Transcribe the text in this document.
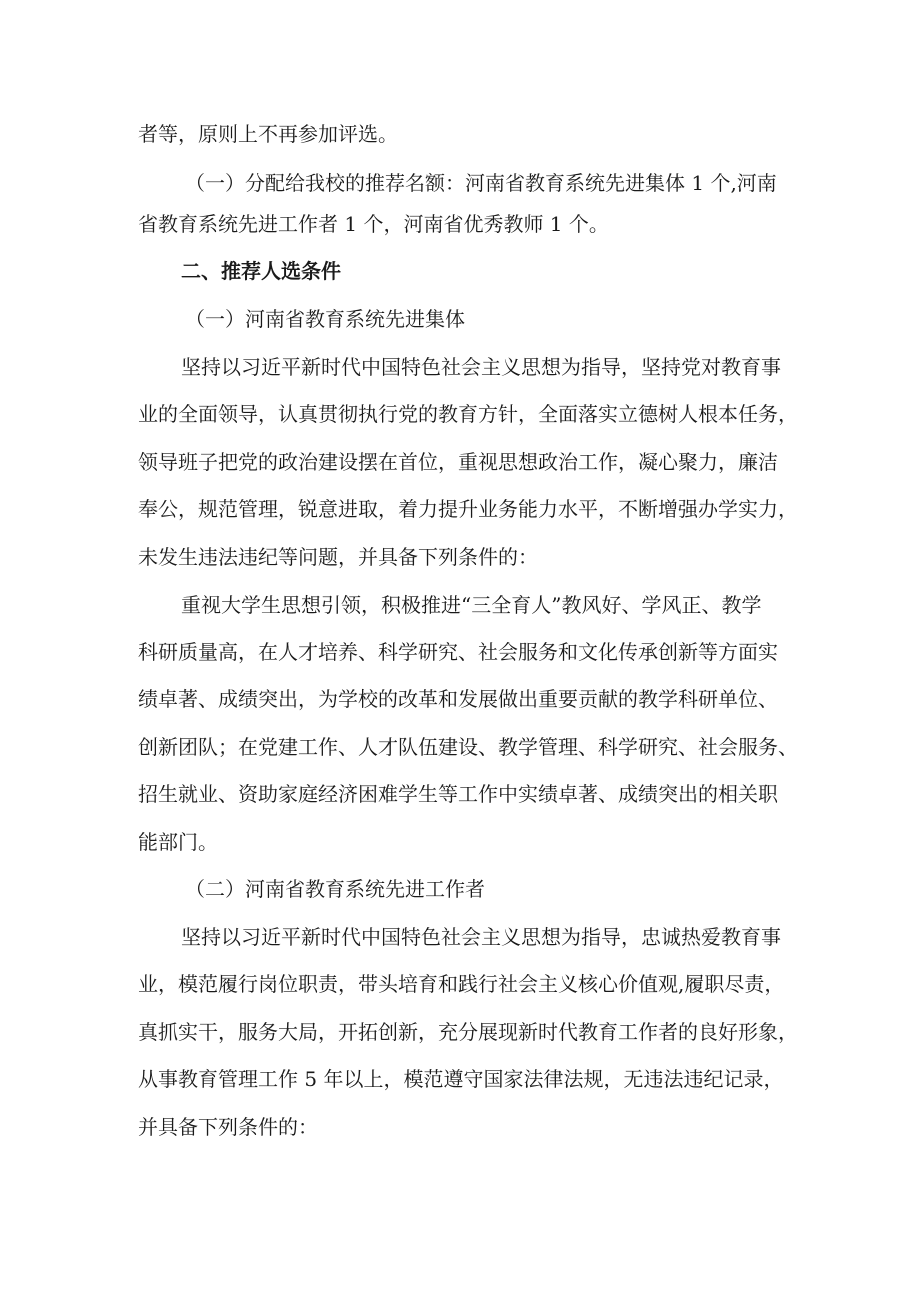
者等，原则上不再参加评选。
（一）分配给我校的推荐名额：河南省教育系统先进集体 1 个,河南
省教育系统先进工作者 1 个，河南省优秀教师 1 个。
二、推荐人选条件
（一）河南省教育系统先进集体
坚持以习近平新时代中国特色社会主义思想为指导，坚持党对教育事
业的全面领导，认真贯彻执行党的教育方针，全面落实立德树人根本任务，
领导班子把党的政治建设摆在首位，重视思想政治工作，凝心聚力，廉洁
奉公，规范管理，锐意进取，着力提升业务能力水平，不断增强办学实力，
未发生违法违纪等问题，并具备下列条件的：
重视大学生思想引领，积极推进“三全育人”教风好、学风正、教学
科研质量高，在人才培养、科学研究、社会服务和文化传承创新等方面实
绩卓著、成绩突出，为学校的改革和发展做出重要贡献的教学科研单位、
创新团队；在党建工作、人才队伍建设、教学管理、科学研究、社会服务、
招生就业、资助家庭经济困难学生等工作中实绩卓著、成绩突出的相关职
能部门。
（二）河南省教育系统先进工作者
坚持以习近平新时代中国特色社会主义思想为指导，忠诚热爱教育事
业，模范履行岗位职责，带头培育和践行社会主义核心价值观,履职尽责，
真抓实干，服务大局，开拓创新，充分展现新时代教育工作者的良好形象，
从事教育管理工作 5 年以上，模范遵守国家法律法规，无违法违纪记录，
并具备下列条件的：
